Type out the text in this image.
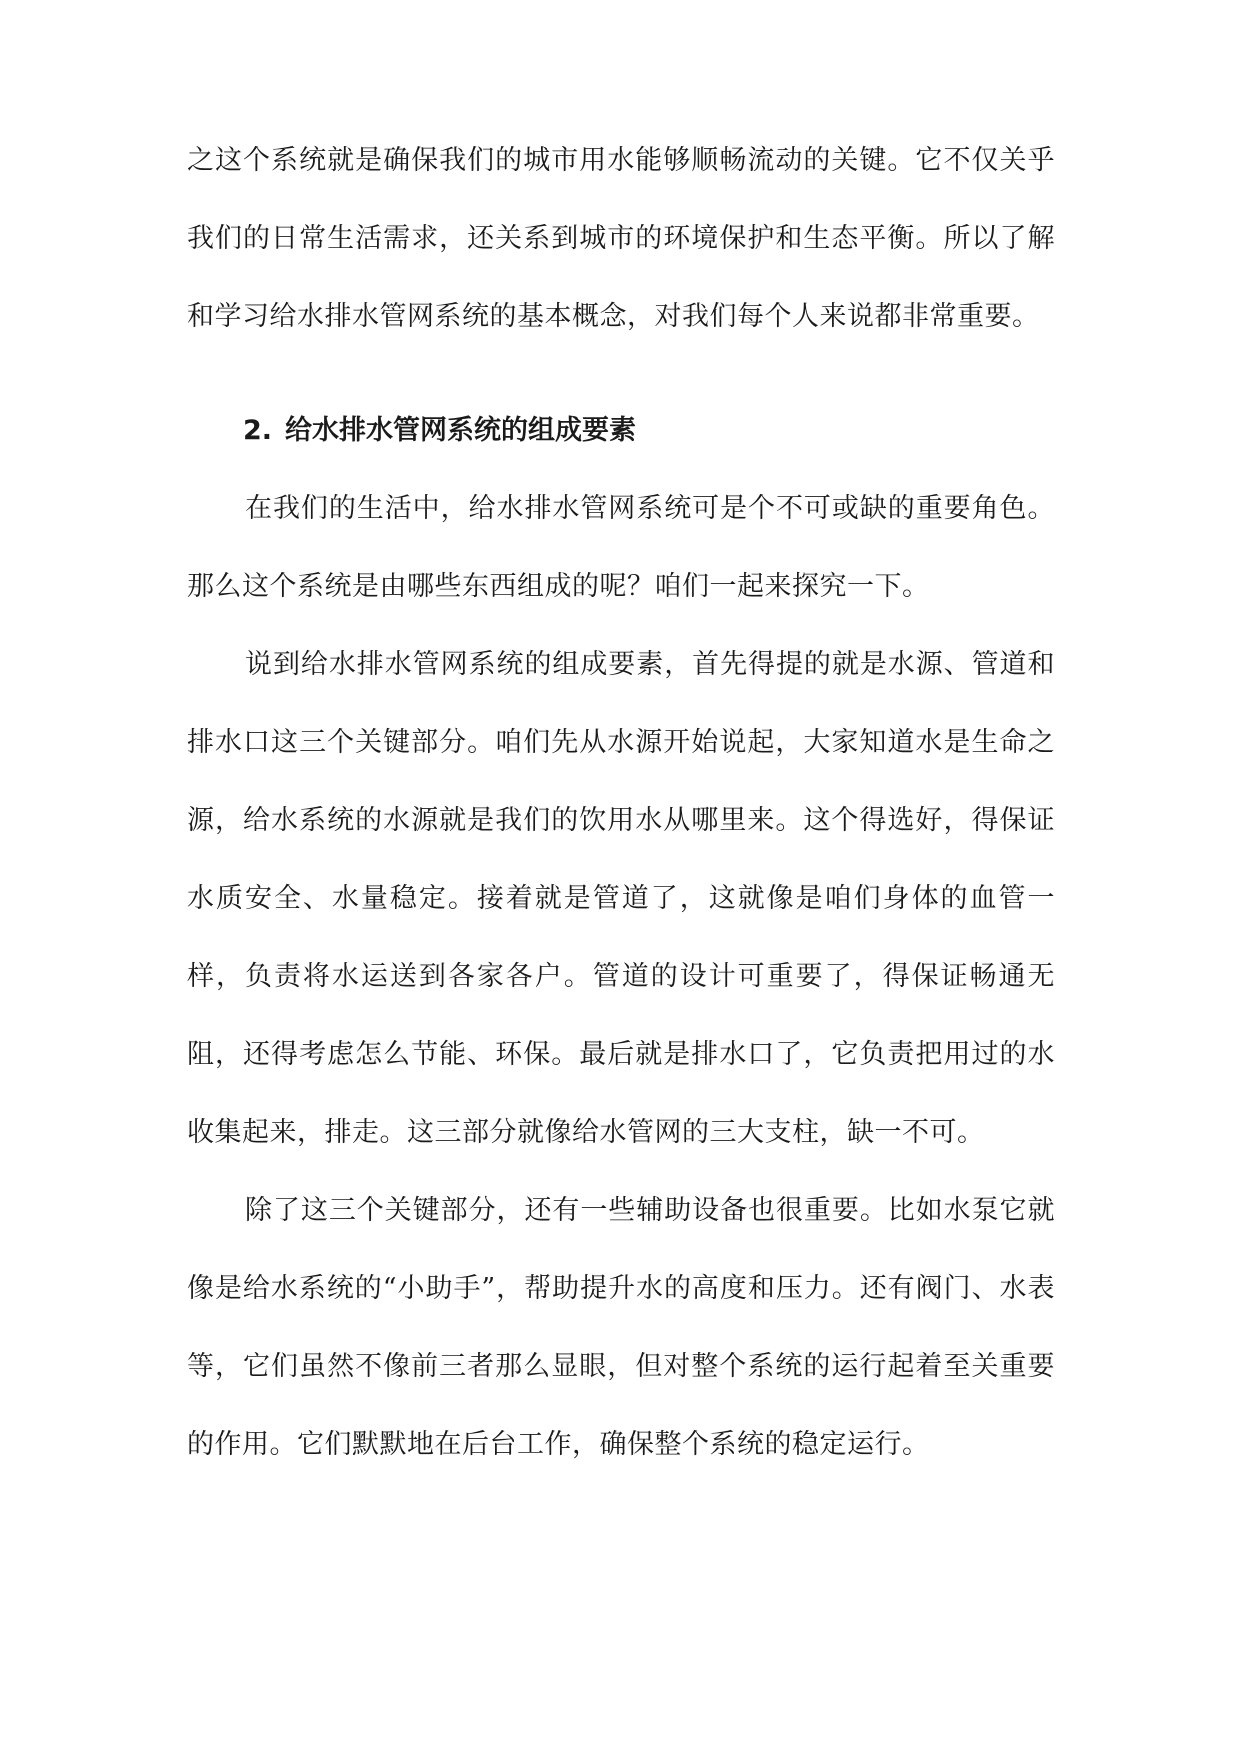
之这个系统就是确保我们的城市用水能够顺畅流动的关键。它不仅关乎我们的日常生活需求，还关系到城市的环境保护和生态平衡。所以了解和学习给水排水管网系统的基本概念，对我们每个人来说都非常重要。

2. 给水排水管网系统的组成要素

在我们的生活中，给水排水管网系统可是个不可或缺的重要角色。那么这个系统是由哪些东西组成的呢？咱们一起来探究一下。

说到给水排水管网系统的组成要素，首先得提的就是水源、管道和排水口这三个关键部分。咱们先从水源开始说起，大家知道水是生命之源，给水系统的水源就是我们的饮用水从哪里来。这个得选好，得保证水质安全、水量稳定。接着就是管道了，这就像是咱们身体的血管一样，负责将水运送到各家各户。管道的设计可重要了，得保证畅通无阻，还得考虑怎么节能、环保。最后就是排水口了，它负责把用过的水收集起来，排走。这三部分就像给水管网的三大支柱，缺一不可。

除了这三个关键部分，还有一些辅助设备也很重要。比如水泵它就像是给水系统的“小助手”，帮助提升水的高度和压力。还有阀门、水表等，它们虽然不像前三者那么显眼，但对整个系统的运行起着至关重要的作用。它们默默地在后台工作，确保整个系统的稳定运行。
